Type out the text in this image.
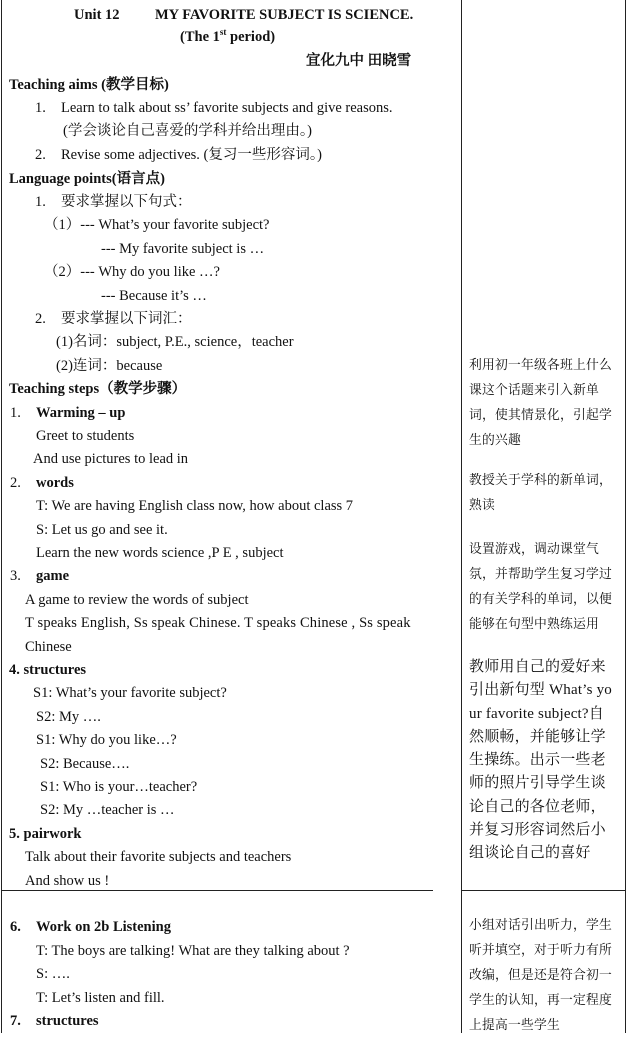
Unit 12 MY FAVORITE SUBJECT IS SCIENCE.
(The 1st period)
宜化九中 田晓雪
Teaching aims (教学目标)
1. Learn to talk about ss’ favorite subjects and give reasons.
(学会谈论自己喜爱的学科并给出理由。)
2. Revise some adjectives. (复习一些形容词。)
Language points(语言点)
1. 要求掌握以下句式：
（1）--- What’s your favorite subject?
--- My favorite subject is …
（2）--- Why do you like …?
--- Because it’s …
2. 要求掌握以下词汇：
(1)名词：subject, P.E., science，teacher
(2)连词：because
Teaching steps（教学步骤）
1. Warming – up
Greet to students
And use pictures to lead in
2. words
T: We are having English class now, how about class 7
S: Let us go and see it.
Learn the new words science ,P E , subject
3. game
A game to review the words of subject
T speaks English, Ss speak Chinese. T speaks Chinese , Ss speak
Chinese
4. structures
S1: What’s your favorite subject?
S2: My ….
S1: Why do you like…?
S2: Because….
S1: Who is your…teacher?
S2: My …teacher is …
5. pairwork
Talk about their favorite subjects and teachers
And show us !
6. Work on 2b Listening
T: The boys are talking! What are they talking about ?
S: ….
T: Let’s listen and fill.
7. structures
利用初一年级各班上什么课这个话题来引入新单词，使其情景化，引起学生的兴趣
教授关于学科的新单词，熟读
设置游戏，调动课堂气氛，并帮助学生复习学过的有关学科的单词，以便能够在句型中熟练运用
教师用自己的爱好来引出新句型 What’s your favorite subject?自然顺畅，并能够让学生操练。出示一些老师的照片引导学生谈论自己的各位老师，并复习形容词然后小组谈论自己的喜好
小组对话引出听力，学生听并填空，对于听力有所改编，但是还是符合初一学生的认知，再一定程度上提高一些学生
